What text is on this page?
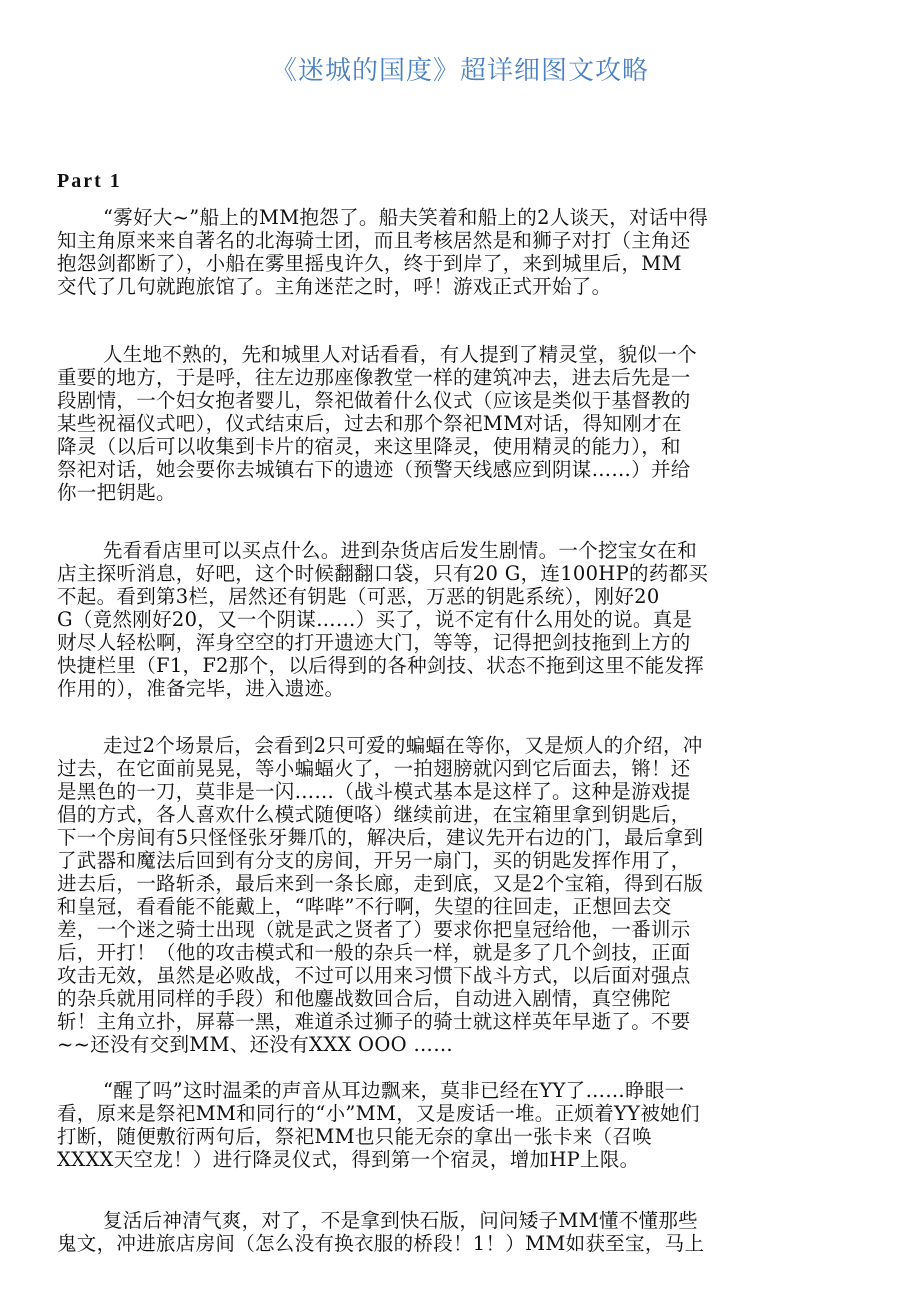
《迷城的国度》超详细图文攻略
Part 1
“雾好大~”船上的MM抱怨了。船夫笑着和船上的2人谈天，对话中得
知主角原来来自著名的北海骑士团，而且考核居然是和狮子对打（主角还
抱怨剑都断了），小船在雾里摇曳许久，终于到岸了，来到城里后，MM
交代了几句就跑旅馆了。主角迷茫之时，呼！游戏正式开始了。
人生地不熟的，先和城里人对话看看，有人提到了精灵堂，貌似一个
重要的地方，于是呼，往左边那座像教堂一样的建筑冲去，进去后先是一
段剧情，一个妇女抱者婴儿，祭祀做着什么仪式（应该是类似于基督教的
某些祝福仪式吧），仪式结束后，过去和那个祭祀MM对话，得知刚才在
降灵（以后可以收集到卡片的宿灵，来这里降灵，使用精灵的能力），和
祭祀对话，她会要你去城镇右下的遗迹（预警天线感应到阴谋……）并给
你一把钥匙。
先看看店里可以买点什么。进到杂货店后发生剧情。一个挖宝女在和
店主探听消息，好吧，这个时候翻翻口袋，只有20 G，连100HP的药都买
不起。看到第3栏，居然还有钥匙（可恶，万恶的钥匙系统），刚好20
G（竟然刚好20，又一个阴谋……）买了，说不定有什么用处的说。真是
财尽人轻松啊，浑身空空的打开遗迹大门，等等，记得把剑技拖到上方的
快捷栏里（F1，F2那个，以后得到的各种剑技、状态不拖到这里不能发挥
作用的），准备完毕，进入遗迹。
走过2个场景后，会看到2只可爱的蝙蝠在等你，又是烦人的介绍，冲
过去，在它面前晃晃，等小蝙蝠火了，一拍翅膀就闪到它后面去，锵！还
是黑色的一刀，莫非是一闪……（战斗模式基本是这样了。这种是游戏提
倡的方式，各人喜欢什么模式随便咯）继续前进，在宝箱里拿到钥匙后，
下一个房间有5只怪怪张牙舞爪的，解决后，建议先开右边的门，最后拿到
了武器和魔法后回到有分支的房间，开另一扇门，买的钥匙发挥作用了，
进去后，一路斩杀，最后来到一条长廊，走到底，又是2个宝箱，得到石版
和皇冠，看看能不能戴上，“哔哔”不行啊，失望的往回走，正想回去交
差，一个迷之骑士出现（就是武之贤者了）要求你把皇冠给他，一番训示
后，开打！（他的攻击模式和一般的杂兵一样，就是多了几个剑技，正面
攻击无效，虽然是必败战，不过可以用来习惯下战斗方式，以后面对强点
的杂兵就用同样的手段）和他鏖战数回合后，自动进入剧情，真空佛陀
斩！主角立扑，屏幕一黑，难道杀过狮子的骑士就这样英年早逝了。不要
~~还没有交到MM、还没有XXX OOO ……
“醒了吗”这时温柔的声音从耳边飘来，莫非已经在YY了……睁眼一
看，原来是祭祀MM和同行的“小”MM，又是废话一堆。正烦着YY被她们
打断，随便敷衍两句后，祭祀MM也只能无奈的拿出一张卡来（召唤
XXXX天空龙！）进行降灵仪式，得到第一个宿灵，增加HP上限。
复活后神清气爽，对了，不是拿到快石版，问问矮子MM懂不懂那些
鬼文，冲进旅店房间（怎么没有换衣服的桥段！1！）MM如获至宝，马上
